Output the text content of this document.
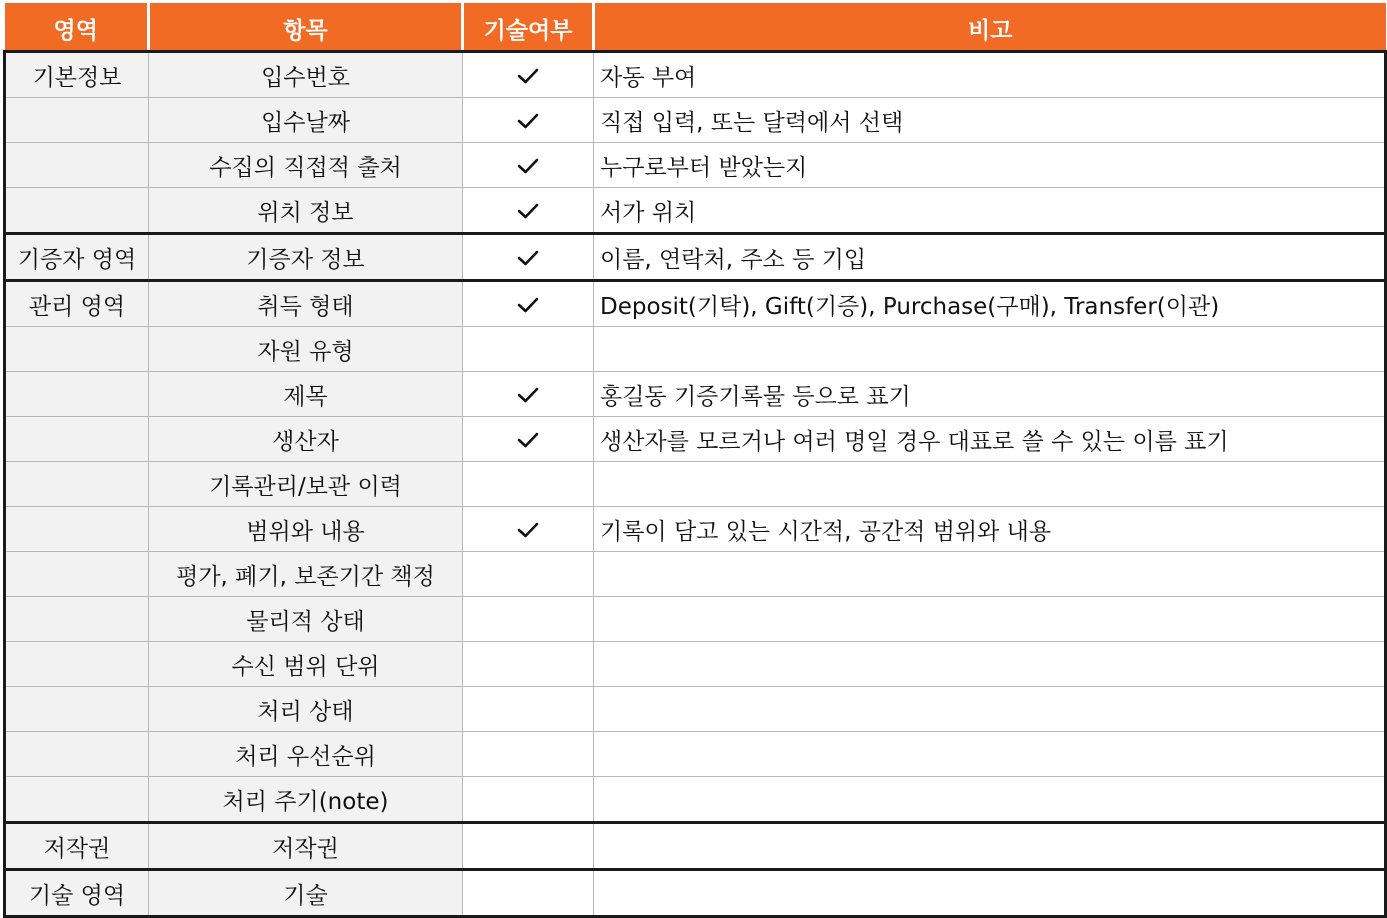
영역	항목	기술여부	비고
기본정보	입수번호		자동 부여
	입수날짜		직접 입력, 또는 달력에서 선택
	수집의 직접적 출처		누구로부터 받았는지
	위치 정보		서가 위치
기증자 영역	기증자 정보		이름, 연락처, 주소 등 기입
관리 영역	취득 형태		Deposit(기탁), Gift(기증), Purchase(구매), Transfer(이관)
	자원 유형		
	제목		홍길동 기증기록물 등으로 표기
	생산자		생산자를 모르거나 여러 명일 경우 대표로 쓸 수 있는 이름 표기
	기록관리/보관 이력		
	범위와 내용		기록이 담고 있는 시간적, 공간적 범위와 내용
	평가, 폐기, 보존기간 책정		
	물리적 상태		
	수신 범위 단위		
	처리 상태		
	처리 우선순위		
	처리 주기(note)		
저작권	저작권		
기술 영역	기술		
